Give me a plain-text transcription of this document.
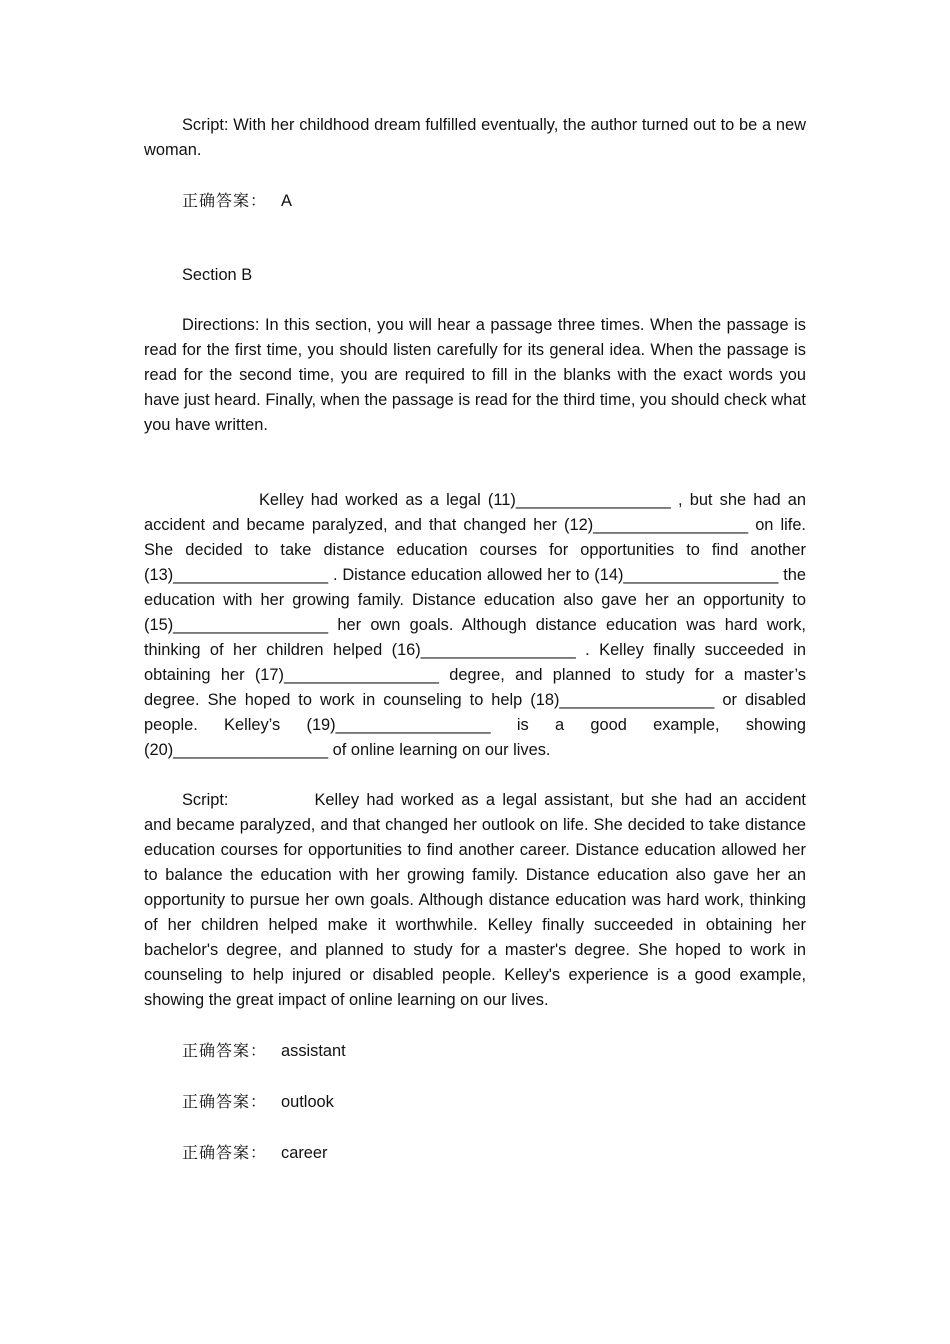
Script: With her childhood dream fulfilled eventually, the author turned out to be a new woman.

正确答案： A

Section B

Directions: In this section, you will hear a passage three times. When the passage is read for the first time, you should listen carefully for its general idea. When the passage is read for the second time, you are required to fill in the blanks with the exact words you have just heard. Finally, when the passage is read for the third time, you should check what you have written.

Kelley had worked as a legal (11)_________________ , but she had an accident and became paralyzed, and that changed her (12)_________________ on life. She decided to take distance education courses for opportunities to find another (13)_________________ . Distance education allowed her to (14)_________________ the education with her growing family. Distance education also gave her an opportunity to (15)_________________ her own goals. Although distance education was hard work, thinking of her children helped (16)_________________ . Kelley finally succeeded in obtaining her (17)_________________ degree, and planned to study for a master’s degree. She hoped to work in counseling to help (18)_________________ or disabled people. Kelley’s (19)_________________ is a good example, showing (20)_________________ of online learning on our lives.

Script:	Kelley had worked as a legal assistant, but she had an accident and became paralyzed, and that changed her outlook on life. She decided to take distance education courses for opportunities to find another career. Distance education allowed her to balance the education with her growing family. Distance education also gave her an opportunity to pursue her own goals. Although distance education was hard work, thinking of her children helped make it worthwhile. Kelley finally succeeded in obtaining her bachelor's degree, and planned to study for a master's degree. She hoped to work in counseling to help injured or disabled people. Kelley's experience is a good example, showing the great impact of online learning on our lives.

正确答案： assistant

正确答案： outlook

正确答案： career
